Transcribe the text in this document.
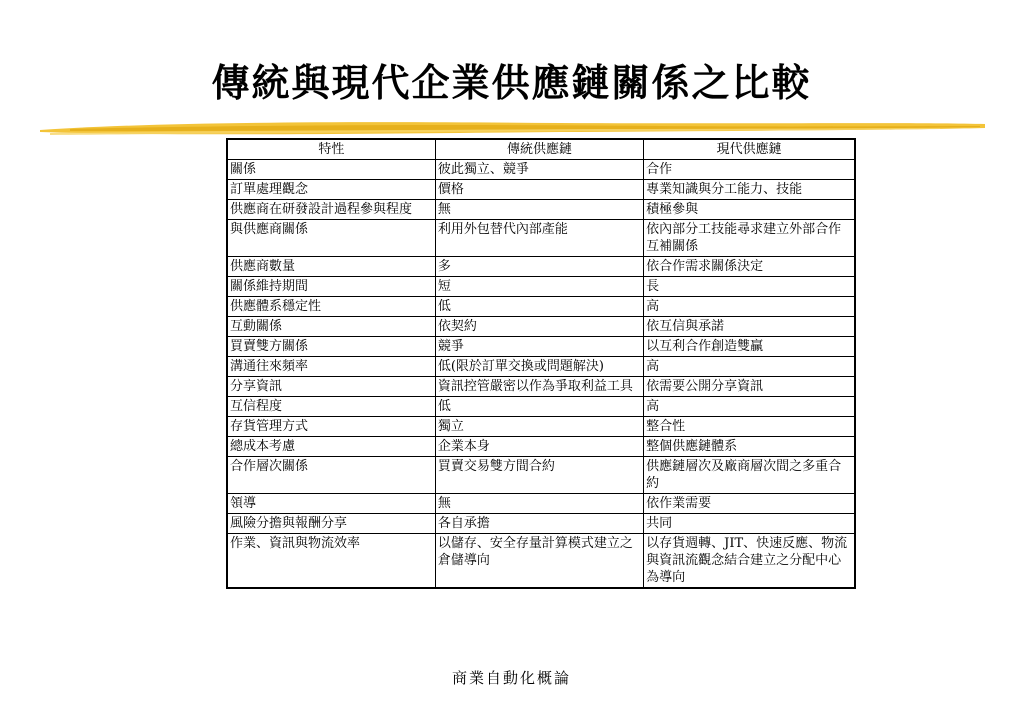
傳統與現代企業供應鏈關係之比較
特性	傳統供應鏈	現代供應鏈
關係	彼此獨立、競爭	合作
訂單處理觀念	價格	專業知識與分工能力、技能
供應商在研發設計過程參與程度	無	積極參與
與供應商關係	利用外包替代內部產能	依內部分工技能尋求建立外部合作互補關係
供應商數量	多	依合作需求關係決定
關係維持期間	短	長
供應體系穩定性	低	高
互動關係	依契約	依互信與承諾
買賣雙方關係	競爭	以互利合作創造雙贏
溝通往來頻率	低(限於訂單交換或問題解決)	高
分享資訊	資訊控管嚴密以作為爭取利益工具	依需要公開分享資訊
互信程度	低	高
存貨管理方式	獨立	整合性
總成本考慮	企業本身	整個供應鏈體系
合作層次關係	買賣交易雙方間合約	供應鏈層次及廠商層次間之多重合約
領導	無	依作業需要
風險分擔與報酬分享	各自承擔	共同
作業、資訊與物流效率	以儲存、安全存量計算模式建立之倉儲導向	以存貨週轉、JIT、快速反應、物流與資訊流觀念結合建立之分配中心為導向
商業自動化概論
